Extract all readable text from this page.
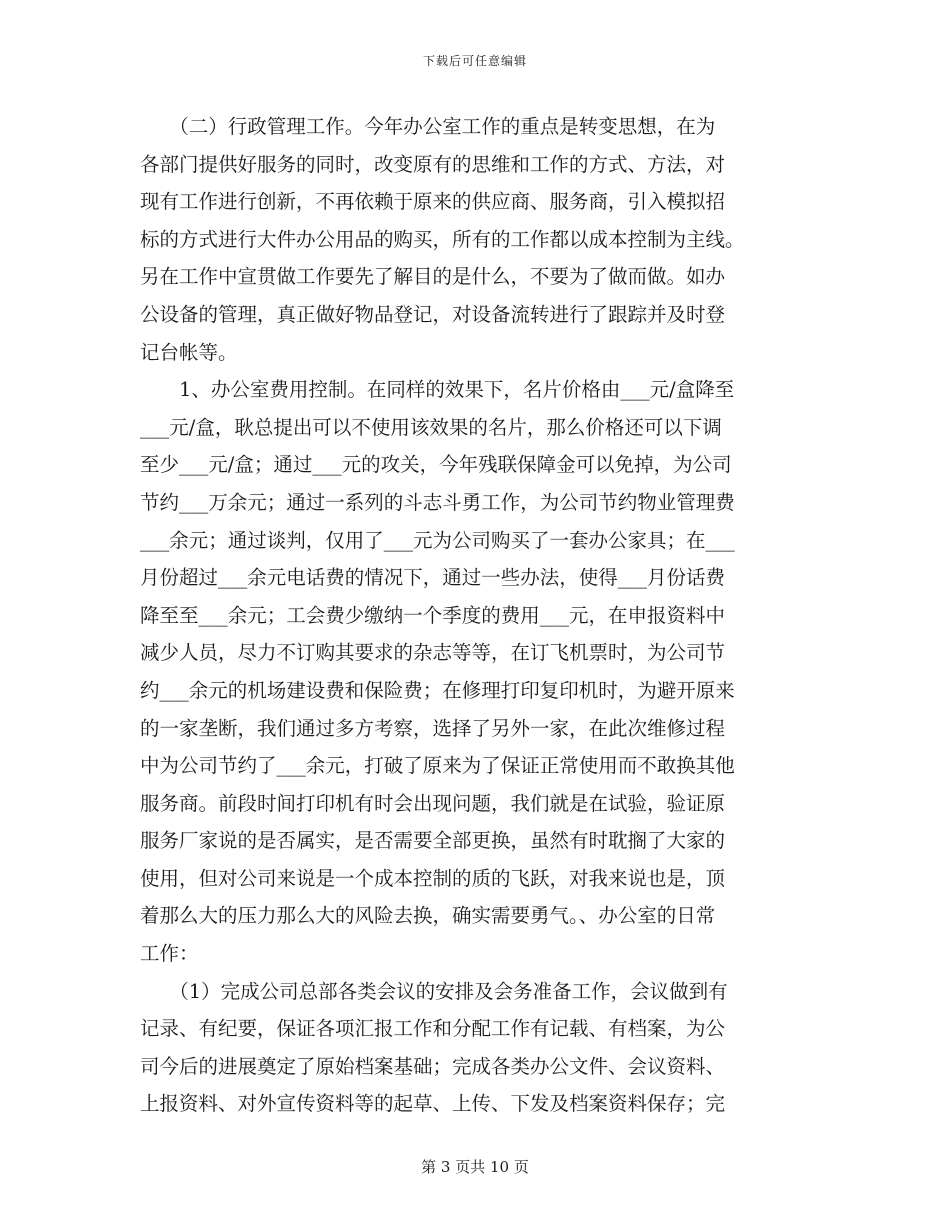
下载后可任意编辑
　　（二）行政管理工作。今年办公室工作的重点是转变思想，在为
各部门提供好服务的同时，改变原有的思维和工作的方式、方法，对
现有工作进行创新，不再依赖于原来的供应商、服务商，引入模拟招
标的方式进行大件办公用品的购买，所有的工作都以成本控制为主线。
另在工作中宣贯做工作要先了解目的是什么，不要为了做而做。如办
公设备的管理，真正做好物品登记，对设备流转进行了跟踪并及时登
记台帐等。
　　1、办公室费用控制。在同样的效果下，名片价格由___元/盒降至
___元/盒，耿总提出可以不使用该效果的名片，那么价格还可以下调
至少___元/盒；通过___元的攻关，今年残联保障金可以免掉，为公司
节约___万余元；通过一系列的斗志斗勇工作，为公司节约物业管理费
___余元；通过谈判，仅用了___元为公司购买了一套办公家具；在___
月份超过___余元电话费的情况下，通过一些办法，使得___月份话费
降至至___余元；工会费少缴纳一个季度的费用___元，在申报资料中
减少人员，尽力不订购其要求的杂志等等，在订飞机票时，为公司节
约___余元的机场建设费和保险费；在修理打印复印机时，为避开原来
的一家垄断，我们通过多方考察，选择了另外一家，在此次维修过程
中为公司节约了___余元，打破了原来为了保证正常使用而不敢换其他
服务商。前段时间打印机有时会出现问题，我们就是在试验，验证原
服务厂家说的是否属实，是否需要全部更换，虽然有时耽搁了大家的
使用，但对公司来说是一个成本控制的质的飞跃，对我来说也是，顶
着那么大的压力那么大的风险去换，确实需要勇气。、办公室的日常
工作：
　　（1）完成公司总部各类会议的安排及会务准备工作，会议做到有
记录、有纪要，保证各项汇报工作和分配工作有记载、有档案，为公
司今后的进展奠定了原始档案基础；完成各类办公文件、会议资料、
上报资料、对外宣传资料等的起草、上传、下发及档案资料保存；完
第 3 页共 10 页
